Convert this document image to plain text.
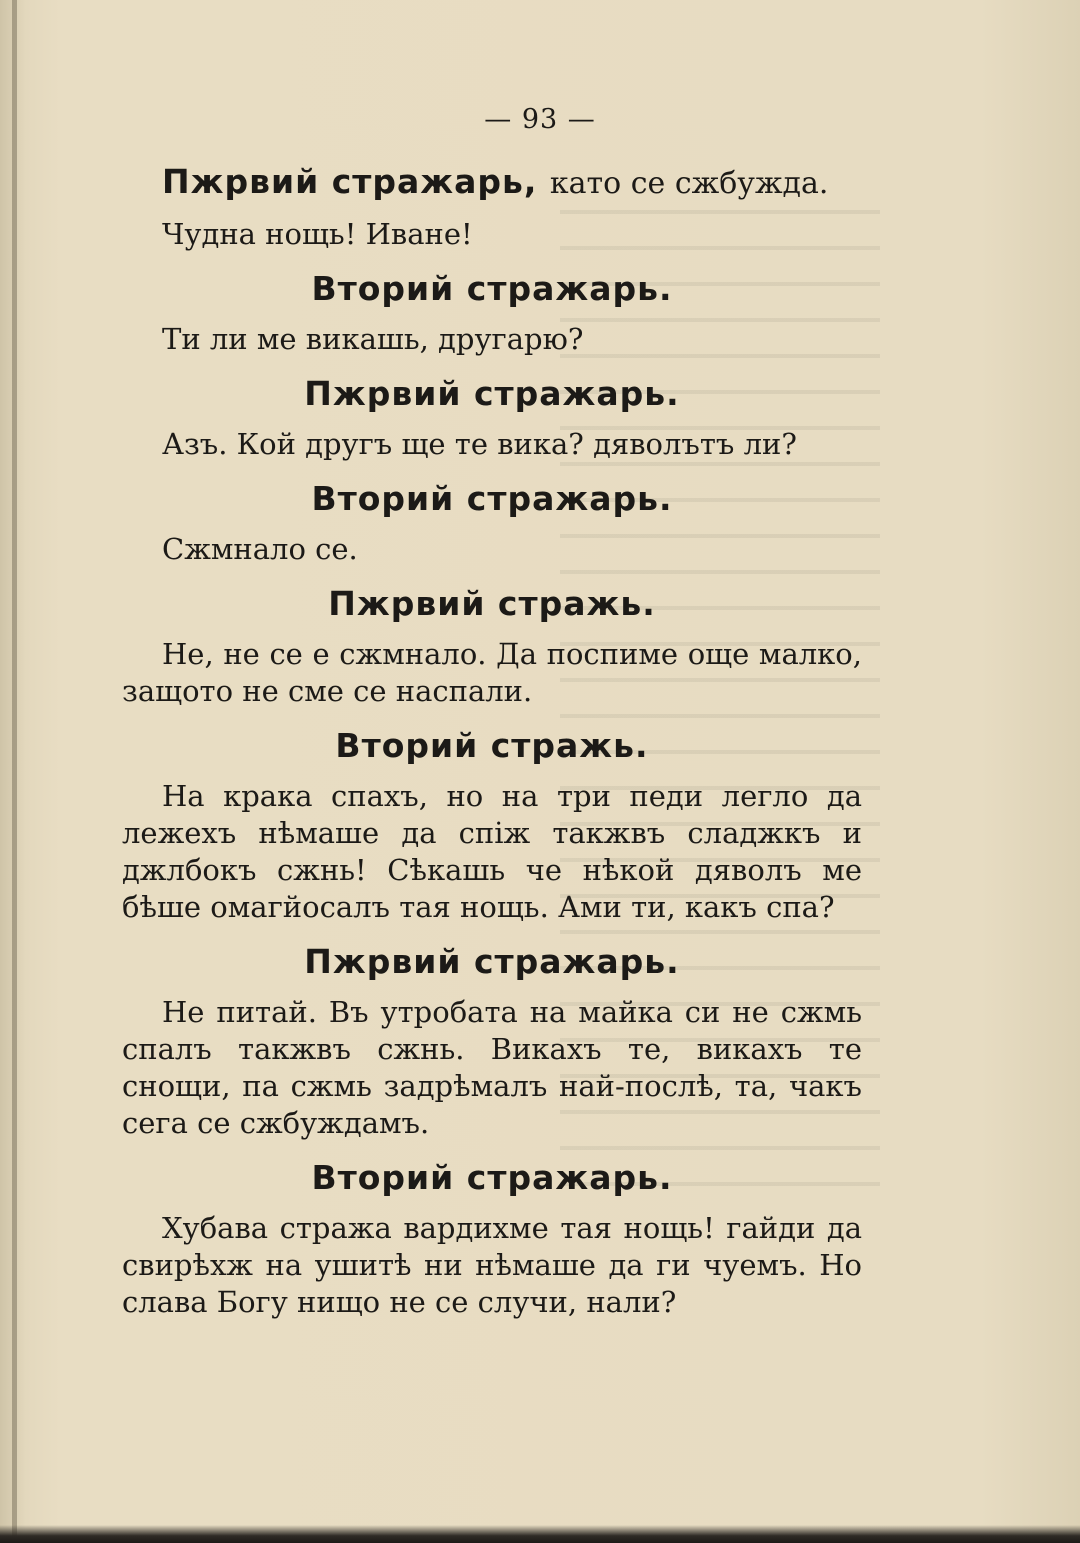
— 93 —
Пжрвий стражарь, като се сжбужда.
Чудна нощь! Иване!
Вторий стражарь.
Ти ли ме викашь, другарю?
Пжрвий стражарь.
Азъ. Кой другъ ще те вика? дяволътъ ли?
Вторий стражарь.
Сжмнало се.
Пжрвий стражь.
Не, не се е сжмнало. Да поспиме още малко, защото не сме се наспали.
Вторий стражь.
На крака спахъ, но на три педи легло да лежехъ нѣмаше да спіж такжвъ сладжкъ и джлбокъ сжнь! Сѣкашь че нѣкой дяволъ ме бѣше омагйосалъ тая нощь. Ами ти, какъ спа?
Пжрвий стражарь.
Не питай. Въ утробата на майка си не сжмь спалъ такжвъ сжнь. Викахъ те, викахъ те снощи, па сжмь задрѣмалъ най-послѣ, та, чакъ сега се сжбуждамъ.
Вторий стражарь.
Хубава стража вардихме тая нощь! гайди да свирѣхж на ушитѣ ни нѣмаше да ги чуемъ. Но слава Богу нищо не се случи, нали?
